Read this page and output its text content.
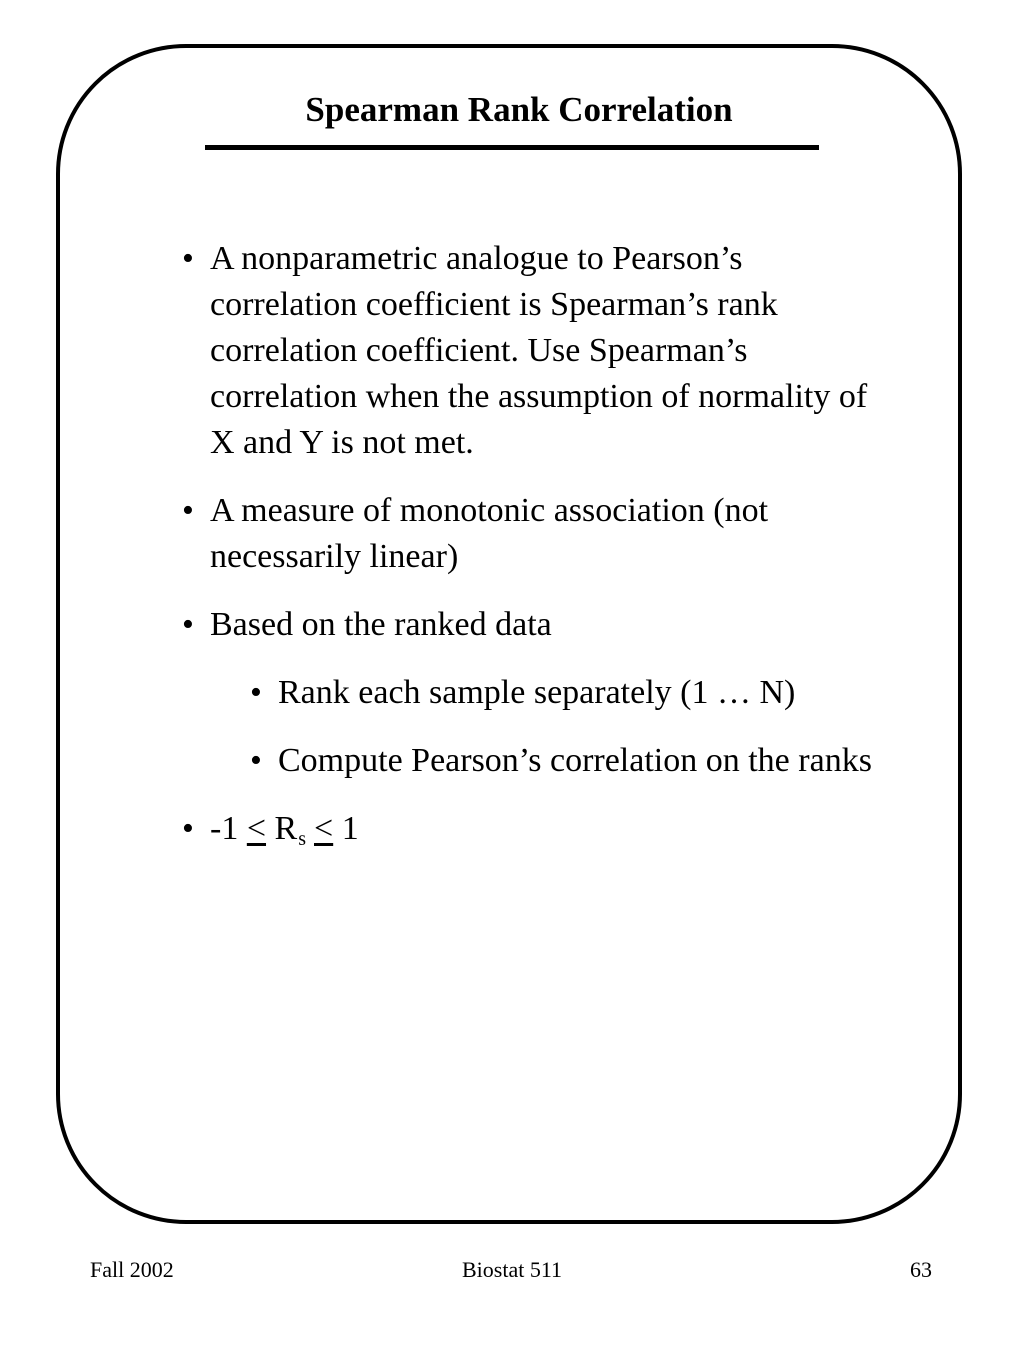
Spearman Rank Correlation
• A nonparametric analogue to Pearson’s correlation coefficient is Spearman’s rank correlation coefficient. Use Spearman’s correlation when the assumption of normality of X and Y is not met.
• A measure of monotonic association (not necessarily linear)
• Based on the ranked data
• Rank each sample separately (1 … N)
• Compute Pearson’s correlation on the ranks
• -1 ≤ Rs ≤ 1
Fall 2002	Biostat 511	63
